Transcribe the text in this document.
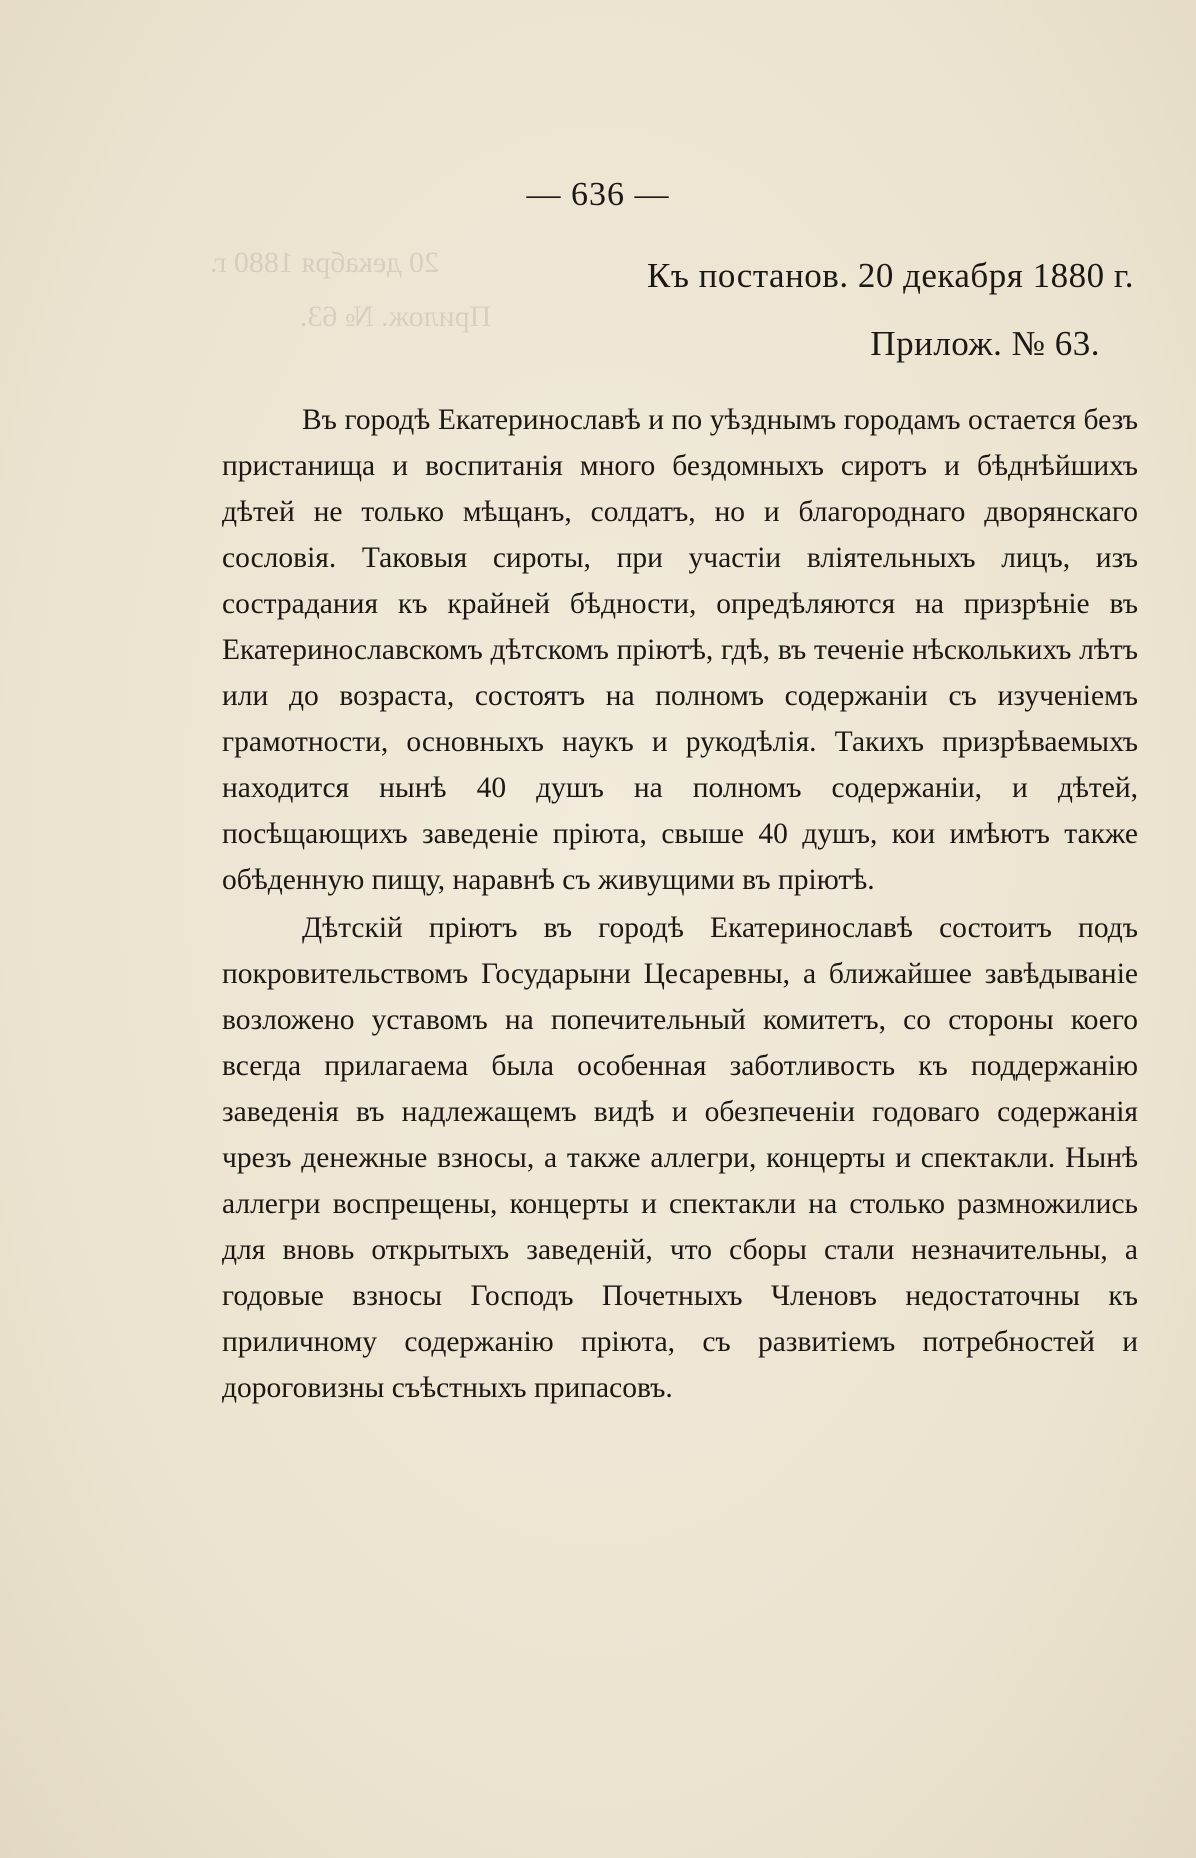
20 декабря 1880 г.
Прилож. № 63.
— 636 —
Къ постанов. 20 декабря 1880 г.
Прилож. № 63.

Въ городѣ Екатеринославѣ и по уѣзднымъ городамъ остается безъ пристанища и воспитанія много бездомныхъ сиротъ и бѣднѣйшихъ дѣтей не только мѣщанъ, солдатъ, но и благороднаго дворянскаго сословія. Таковыя сироты, при участіи вліятельныхъ лицъ, изъ сострадания къ крайней бѣдности, опредѣляются на призрѣніе въ Екатеринославскомъ дѣтскомъ пріютѣ, гдѣ, въ теченіе нѣсколькихъ лѣтъ или до возраста, состоятъ на полномъ содержаніи съ изученіемъ грамотности, основныхъ наукъ и рукодѣлія. Такихъ призрѣваемыхъ находится нынѣ 40 душъ на полномъ содержаніи, и дѣтей, посѣщающихъ заведеніе пріюта, свыше 40 душъ, кои имѣютъ также обѣденную пищу, наравнѣ съ живущими въ пріютѣ.

Дѣтскій пріютъ въ городѣ Екатеринославѣ состоитъ подъ покровительствомъ Государыни Цесаревны, а ближайшее завѣдываніе возложено уставомъ на попечительный комитетъ, со стороны коего всегда прилагаема была особенная заботливость къ поддержанію заведенія въ надлежащемъ видѣ и обезпеченіи годоваго содержанія чрезъ денежные взносы, а также аллегри, концерты и спектакли. Нынѣ аллегри воспрещены, концерты и спектакли на столько размножились для вновь открытыхъ заведеній, что сборы стали незначительны, а годовые взносы Господъ Почетныхъ Членовъ недостаточны къ приличному содержанію пріюта, съ развитіемъ потребностей и дороговизны съѣстныхъ припасовъ.
